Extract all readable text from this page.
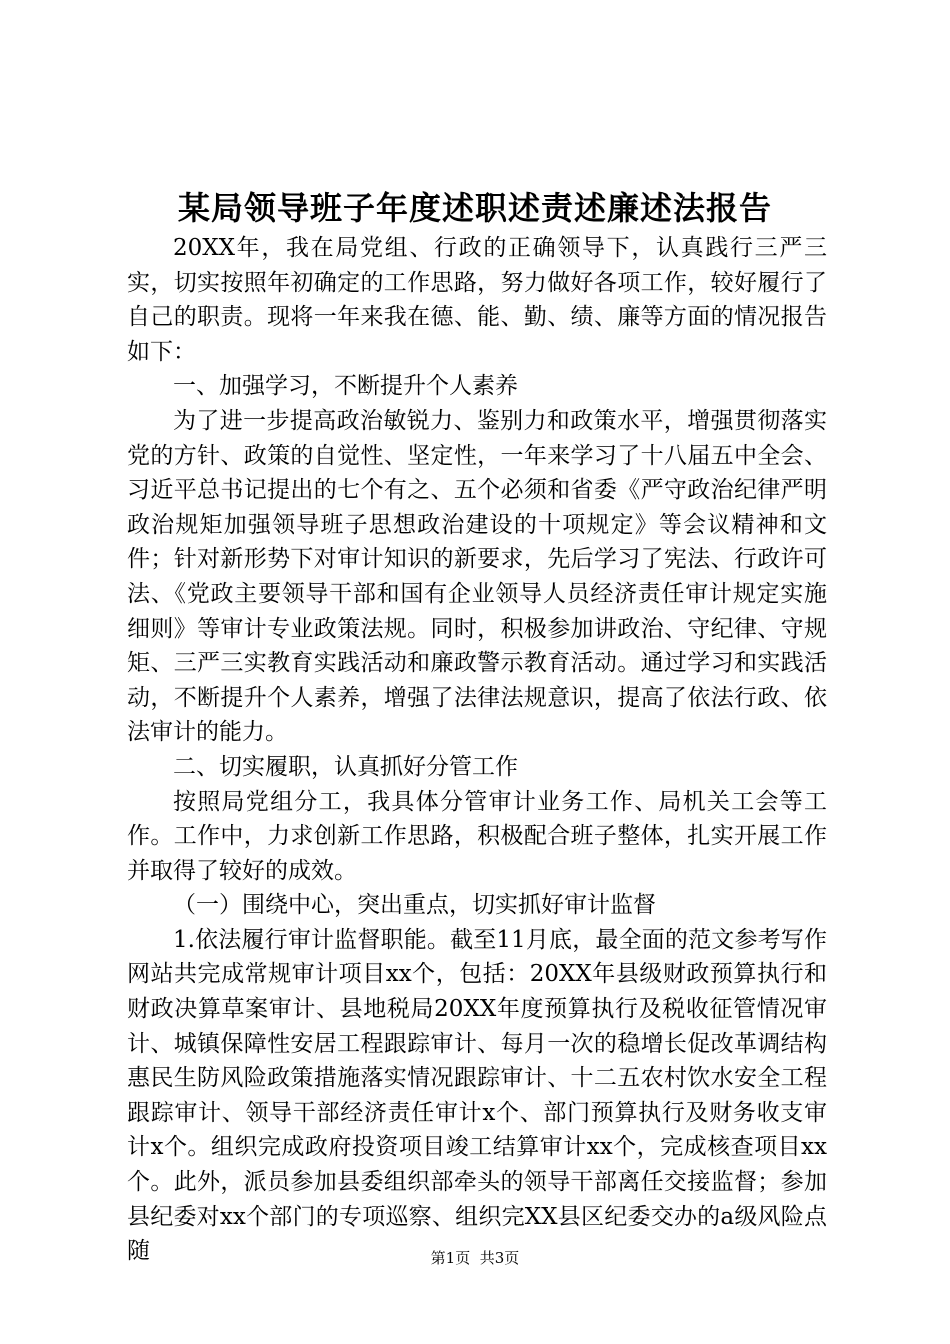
某局领导班子年度述职述责述廉述法报告

20XX年，我在局党组、行政的正确领导下，认真践行三严三实，切实按照年初确定的工作思路，努力做好各项工作，较好履行了自己的职责。现将一年来我在德、能、勤、绩、廉等方面的情况报告如下：

一、加强学习，不断提升个人素养

为了进一步提高政治敏锐力、鉴别力和政策水平，增强贯彻落实党的方针、政策的自觉性、坚定性，一年来学习了十八届五中全会、习近平总书记提出的七个有之、五个必须和省委《严守政治纪律严明政治规矩加强领导班子思想政治建设的十项规定》等会议精神和文件；针对新形势下对审计知识的新要求，先后学习了宪法、行政许可法、《党政主要领导干部和国有企业领导人员经济责任审计规定实施细则》等审计专业政策法规。同时，积极参加讲政治、守纪律、守规矩、三严三实教育实践活动和廉政警示教育活动。通过学习和实践活动，不断提升个人素养，增强了法律法规意识，提高了依法行政、依法审计的能力。

二、切实履职，认真抓好分管工作

按照局党组分工，我具体分管审计业务工作、局机关工会等工作。工作中，力求创新工作思路，积极配合班子整体，扎实开展工作并取得了较好的成效。

（一）围绕中心，突出重点，切实抓好审计监督

1.依法履行审计监督职能。截至11月底，最全面的范文参考写作网站共完成常规审计项目xx个，包括：20XX年县级财政预算执行和财政决算草案审计、县地税局20XX年度预算执行及税收征管情况审计、城镇保障性安居工程跟踪审计、每月一次的稳增长促改革调结构惠民生防风险政策措施落实情况跟踪审计、十二五农村饮水安全工程跟踪审计、领导干部经济责任审计x个、部门预算执行及财务收支审计x个。组织完成政府投资项目竣工结算审计xx个，完成核查项目xx个。此外，派员参加县委组织部牵头的领导干部离任交接监督；参加县纪委对xx个部门的专项巡察、组织完XX县区纪委交办的a级风险点随	第1页 共3页
